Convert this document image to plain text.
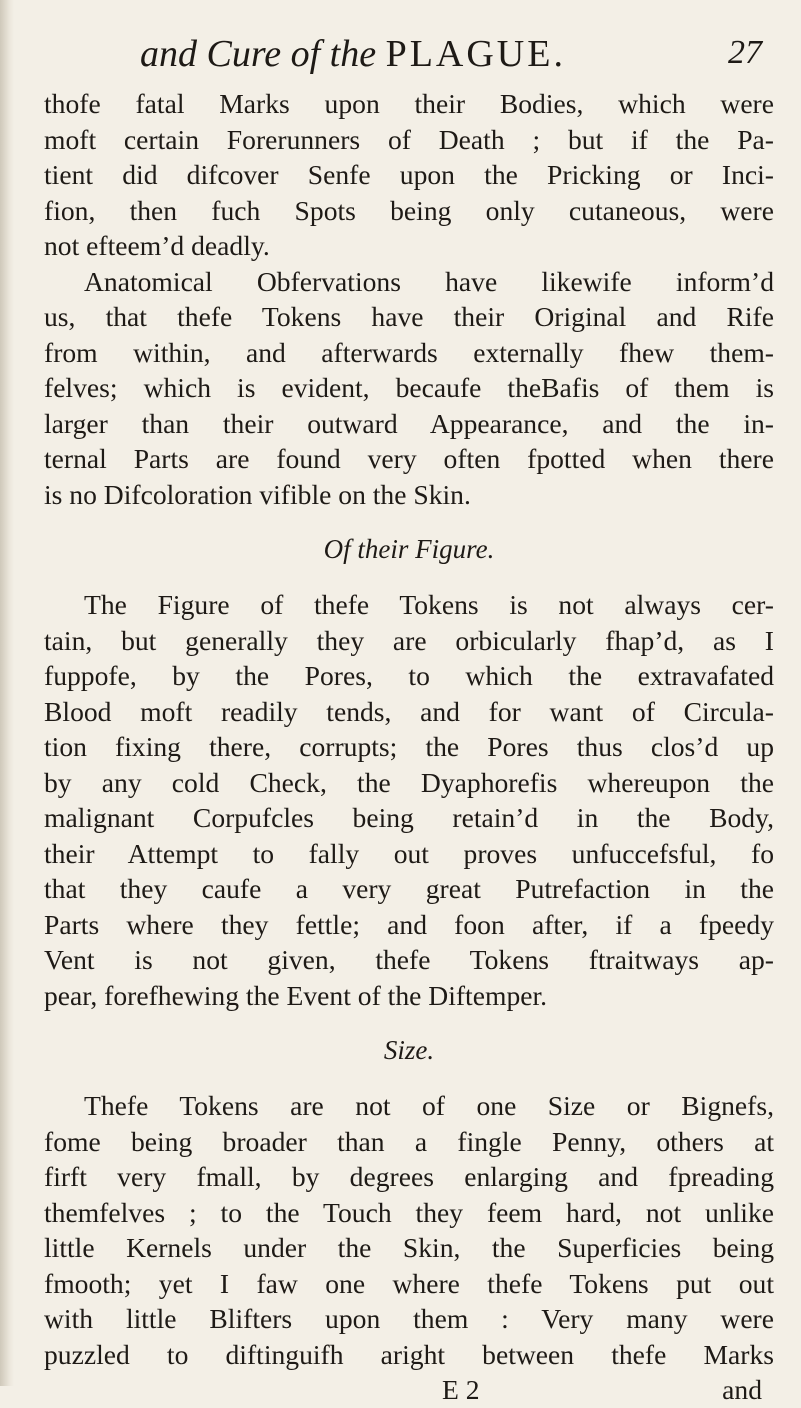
and Cure of the PLAGUE.	27
thofe fatal Marks upon their Bodies, which were
moft certain Forerunners of Death ; but if the Pa-
tient did difcover Senfe upon the Pricking or Inci-
fion, then fuch Spots being only cutaneous, were
not efteem’d deadly.
Anatomical Obfervations have likewife inform’d
us, that thefe Tokens have their Original and Rife
from within, and afterwards externally fhew them-
felves; which is evident, becaufe theBafis of them is
larger than their outward Appearance, and the in-
ternal Parts are found very often fpotted when there
is no Difcoloration vifible on the Skin.
Of their Figure.
The Figure of thefe Tokens is not always cer-
tain, but generally they are orbicularly fhap’d, as I
fuppofe, by the Pores, to which the extravafated
Blood moft readily tends, and for want of Circula-
tion fixing there, corrupts; the Pores thus clos’d up
by any cold Check, the Dyaphorefis whereupon the
malignant Corpufcles being retain’d in the Body,
their Attempt to fally out proves unfuccefsful, fo
that they caufe a very great Putrefaction in the
Parts where they fettle; and foon after, if a fpeedy
Vent is not given, thefe Tokens ftraitways ap-
pear, forefhewing the Event of the Diftemper.
Size.
Thefe Tokens are not of one Size or Bignefs,
fome being broader than a fingle Penny, others at
firft very fmall, by degrees enlarging and fpreading
themfelves ; to the Touch they feem hard, not unlike
little Kernels under the Skin, the Superficies being
fmooth; yet I faw one where thefe Tokens put out
with little Blifters upon them : Very many were
puzzled to diftinguifh aright between thefe Marks
E 2	and
